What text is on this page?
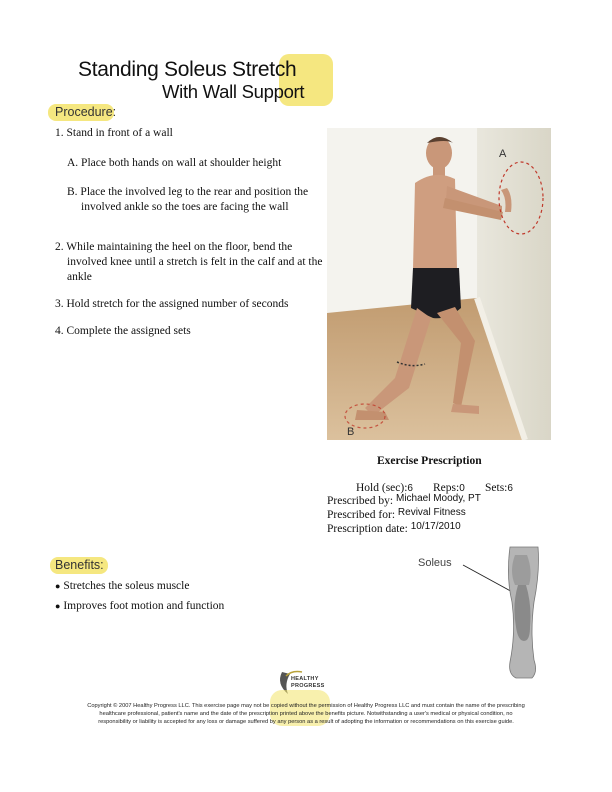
Standing Soleus Stretch
With Wall Support
Procedure:
1. Stand in front of a wall
A. Place both hands on wall at shoulder height
B. Place the involved leg to the rear and position the involved ankle so the toes are facing the wall
2. While maintaining the heel on the floor, bend the involved knee until a stretch is felt in the calf and at the ankle
3. Hold stretch for the assigned number of seconds
4. Complete the assigned sets
A
B
Exercise Prescription
Hold (sec):6 Reps:0 Sets:6
Prescribed by: Michael Moody, PT
Prescribed for: Revival Fitness
Prescription date: 10/17/2010
Benefits:
● Stretches the soleus muscle
● Improves foot motion and function
Soleus
HEALTHY
PROGRESS
Copyright © 2007 Healthy Progress LLC. This exercise page may not be copied without the permission of Healthy Progress LLC and must contain the name of the prescribing
healthcare professional, patient's name and the date of the prescription printed above the benefits picture. Notwithstanding a user's medical or physical condition, no
responsibility or liability is accepted for any loss or damage suffered by any person as a result of adopting the information or recommendations on this exercise guide.
